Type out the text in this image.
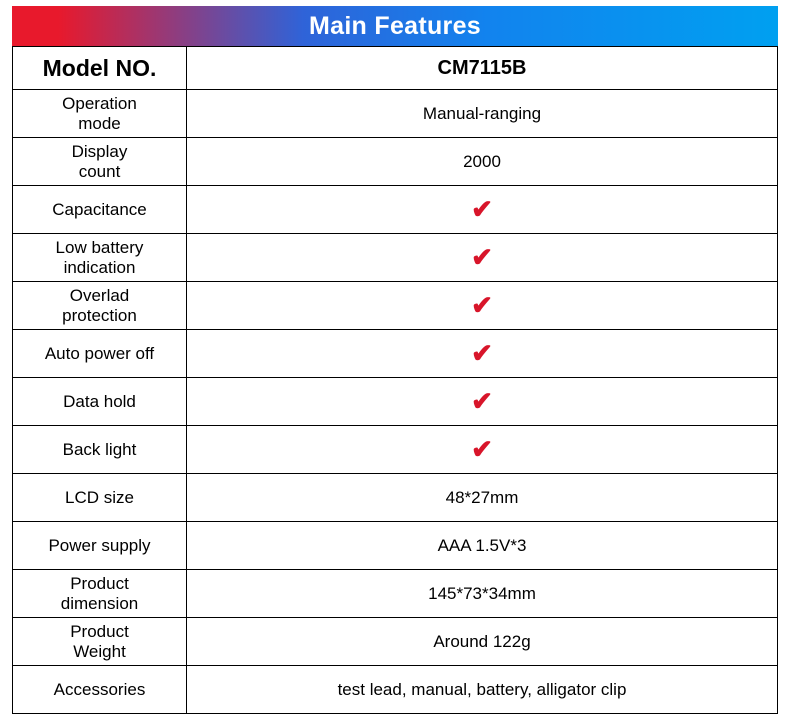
Main Features
Model NO.	CM7115B

Operation
mode	Manual-ranging

Display
count	2000
Capacitance	✔

Low battery
indication	✔

Overlad
protection	✔
Auto power off	✔
Data hold	✔
Back light	✔
LCD size	48*27mm
Power supply	AAA 1.5V*3

Product
dimension	145*73*34mm

Product
Weight	Around 122g
Accessories	test lead, manual, battery, alligator clip
